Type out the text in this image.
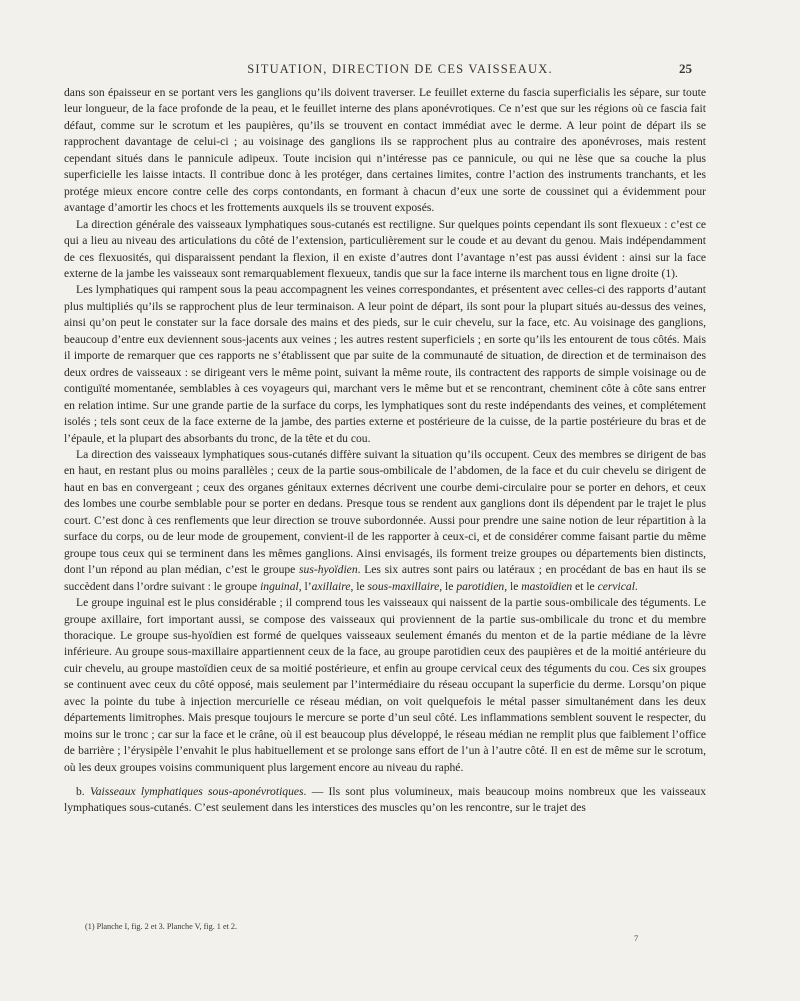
SITUATION, DIRECTION DE CES VAISSEAUX.	25

dans son épaisseur en se portant vers les ganglions qu’ils doivent traverser. Le feuillet externe du fascia superficialis les sépare, sur toute leur longueur, de la face profonde de la peau, et le feuillet interne des plans aponévrotiques. Ce n’est que sur les régions où ce fascia fait défaut, comme sur le scrotum et les paupières, qu’ils se trouvent en contact immédiat avec le derme. A leur point de départ ils se rapprochent davantage de celui-ci ; au voisinage des ganglions ils se rapprochent plus au contraire des aponévroses, mais restent cependant situés dans le pannicule adipeux. Toute incision qui n’intéresse pas ce pannicule, ou qui ne lèse que sa couche la plus superficielle les laisse intacts. Il contribue donc à les protéger, dans certaines limites, contre l’action des instruments tranchants, et les protége mieux encore contre celle des corps contondants, en formant à chacun d’eux une sorte de coussinet qui a évidemment pour avantage d’amortir les chocs et les frottements auxquels ils se trouvent exposés.

La direction générale des vaisseaux lymphatiques sous-cutanés est rectiligne. Sur quelques points cependant ils sont flexueux : c’est ce qui a lieu au niveau des articulations du côté de l’extension, particulièrement sur le coude et au devant du genou. Mais indépendamment de ces flexuosités, qui disparaissent pendant la flexion, il en existe d’autres dont l’avantage n’est pas aussi évident : ainsi sur la face externe de la jambe les vaisseaux sont remarquablement flexueux, tandis que sur la face interne ils marchent tous en ligne droite (1).

Les lymphatiques qui rampent sous la peau accompagnent les veines correspondantes, et présentent avec celles-ci des rapports d’autant plus multipliés qu’ils se rapprochent plus de leur terminaison. A leur point de départ, ils sont pour la plupart situés au-dessus des veines, ainsi qu’on peut le constater sur la face dorsale des mains et des pieds, sur le cuir chevelu, sur la face, etc. Au voisinage des ganglions, beaucoup d’entre eux deviennent sous-jacents aux veines ; les autres restent superficiels ; en sorte qu’ils les entourent de tous côtés. Mais il importe de remarquer que ces rapports ne s’établissent que par suite de la communauté de situation, de direction et de terminaison des deux ordres de vaisseaux : se dirigeant vers le même point, suivant la même route, ils contractent des rapports de simple voisinage ou de contiguïté momentanée, semblables à ces voyageurs qui, marchant vers le même but et se rencontrant, cheminent côte à côte sans entrer en relation intime. Sur une grande partie de la surface du corps, les lymphatiques sont du reste indépendants des veines, et complétement isolés ; tels sont ceux de la face externe de la jambe, des parties externe et postérieure de la cuisse, de la partie postérieure du bras et de l’épaule, et la plupart des absorbants du tronc, de la tête et du cou.

La direction des vaisseaux lymphatiques sous-cutanés diffère suivant la situation qu’ils occupent. Ceux des membres se dirigent de bas en haut, en restant plus ou moins parallèles ; ceux de la partie sous-ombilicale de l’abdomen, de la face et du cuir chevelu se dirigent de haut en bas en convergeant ; ceux des organes génitaux externes décrivent une courbe demi-circulaire pour se porter en dehors, et ceux des lombes une courbe semblable pour se porter en dedans. Presque tous se rendent aux ganglions dont ils dépendent par le trajet le plus court. C’est donc à ces renflements que leur direction se trouve subordonnée. Aussi pour prendre une saine notion de leur répartition à la surface du corps, ou de leur mode de groupement, convient-il de les rapporter à ceux-ci, et de considérer comme faisant partie du même groupe tous ceux qui se terminent dans les mêmes ganglions. Ainsi envisagés, ils forment treize groupes ou départements bien distincts, dont l’un répond au plan médian, c’est le groupe sus-hyoïdien. Les six autres sont pairs ou latéraux ; en procédant de bas en haut ils se succèdent dans l’ordre suivant : le groupe inguinal, l’axillaire, le sous-maxillaire, le parotidien, le mastoïdien et le cervical.

Le groupe inguinal est le plus considérable ; il comprend tous les vaisseaux qui naissent de la partie sous-ombilicale des téguments. Le groupe axillaire, fort important aussi, se compose des vaisseaux qui proviennent de la partie sus-ombilicale du tronc et du membre thoracique. Le groupe sus-hyoïdien est formé de quelques vaisseaux seulement émanés du menton et de la partie médiane de la lèvre inférieure. Au groupe sous-maxillaire appartiennent ceux de la face, au groupe parotidien ceux des paupières et de la moitié antérieure du cuir chevelu, au groupe mastoïdien ceux de sa moitié postérieure, et enfin au groupe cervical ceux des téguments du cou. Ces six groupes se continuent avec ceux du côté opposé, mais seulement par l’intermédiaire du réseau occupant la superficie du derme. Lorsqu’on pique avec la pointe du tube à injection mercurielle ce réseau médian, on voit quelquefois le métal passer simultanément dans les deux départements limitrophes. Mais presque toujours le mercure se porte d’un seul côté. Les inflammations semblent souvent le respecter, du moins sur le tronc ; car sur la face et le crâne, où il est beaucoup plus développé, le réseau médian ne remplit plus que faiblement l’office de barrière ; l’érysipèle l’envahit le plus habituellement et se prolonge sans effort de l’un à l’autre côté. Il en est de même sur le scrotum, où les deux groupes voisins communiquent plus largement encore au niveau du raphé.

b. Vaisseaux lymphatiques sous-aponévrotiques. — Ils sont plus volumineux, mais beaucoup moins nombreux que les vaisseaux lymphatiques sous-cutanés. C’est seulement dans les interstices des muscles qu’on les rencontre, sur le trajet des

(1) Planche I, fig. 2 et 3. Planche V, fig. 1 et 2.
7
